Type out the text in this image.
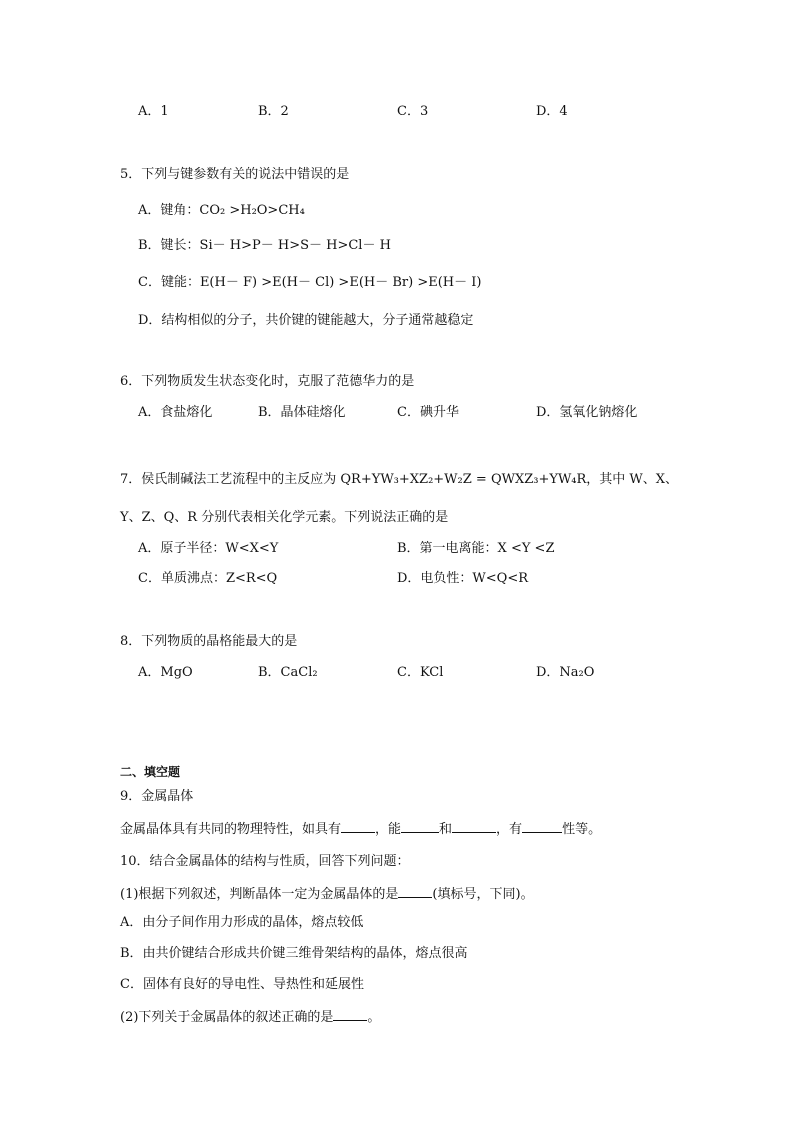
A．1	B．2	C．3	D．4
5．下列与键参数有关的说法中错误的是
A．键角：CO₂ >H₂O>CH₄
B．键长：Si－ H>P－ H>S－ H>Cl－ H
C．键能：E(H－ F) >E(H－ Cl) >E(H－ Br) >E(H－ I)
D．结构相似的分子，共价键的键能越大，分子通常越稳定
6．下列物质发生状态变化时，克服了范德华力的是
A．食盐熔化	B．晶体硅熔化	C．碘升华	D．氢氧化钠熔化
7．侯氏制碱法工艺流程中的主反应为 QR+YW₃+XZ₂+W₂Z = QWXZ₃+YW₄R，其中 W、X、
Y、Z、Q、R 分别代表相关化学元素。下列说法正确的是
A．原子半径：W<X<Y	B．第一电离能：X <Y <Z
C．单质沸点：Z<R<Q	D．电负性：W<Q<R
8．下列物质的晶格能最大的是
A．MgO	B．CaCl₂	C．KCl	D．Na₂O
二、填空题
9．金属晶体
金属晶体具有共同的物理特性，如具有	，能	和	，有	性等。
10．结合金属晶体的结构与性质，回答下列问题：
(1)根据下列叙述，判断晶体一定为金属晶体的是	(填标号，下同)。
A．由分子间作用力形成的晶体，熔点较低
B．由共价键结合形成共价键三维骨架结构的晶体，熔点很高
C．固体有良好的导电性、导热性和延展性
(2)下列关于金属晶体的叙述正确的是	。
